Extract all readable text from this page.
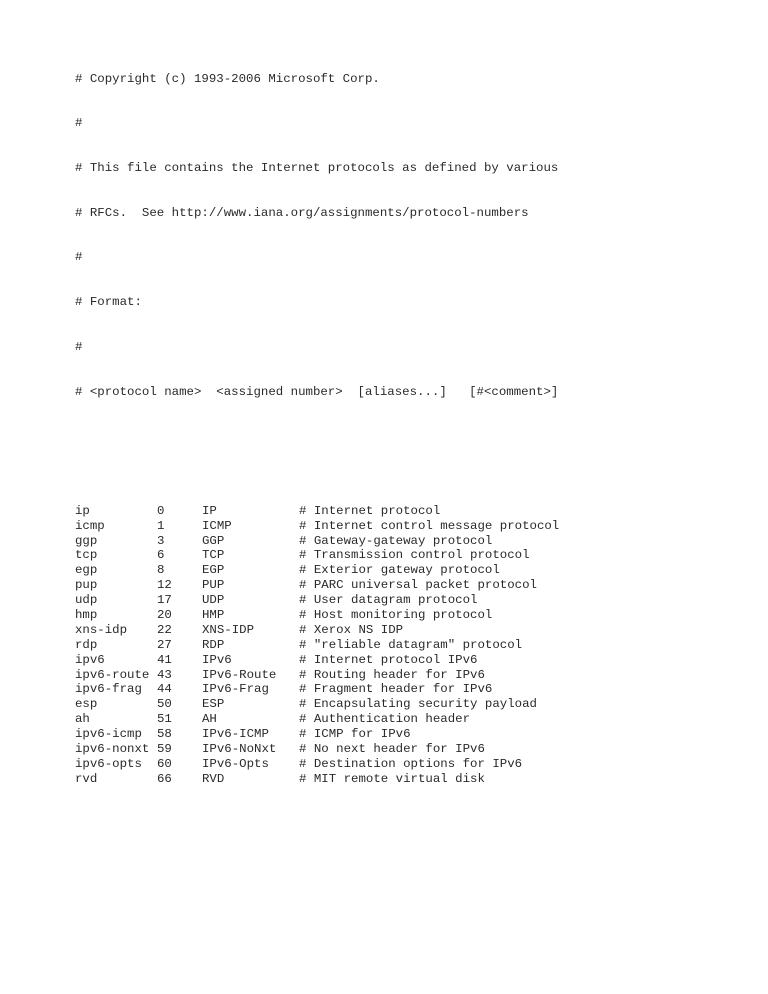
# Copyright (c) 1993-2006 Microsoft Corp.

#

# This file contains the Internet protocols as defined by various

# RFCs.  See http://www.iana.org/assignments/protocol-numbers

#

# Format:

#

# <protocol name>  <assigned number>  [aliases...]   [#<comment>]

ip	0	IP	# Internet protocol
icmp	1	ICMP	# Internet control message protocol
ggp	3	GGP	# Gateway-gateway protocol
tcp	6	TCP	# Transmission control protocol
egp	8	EGP	# Exterior gateway protocol
pup	12 PUP	# PARC universal packet protocol
udp	17 UDP	# User datagram protocol
hmp	20 HMP	# Host monitoring protocol
xns-idp 22 XNS-IDP	# Xerox NS IDP
rdp	27 RDP	# "reliable datagram" protocol
ipv6	41 IPv6	# Internet protocol IPv6
ipv6-route 43 IPv6-Route # Routing header for IPv6
ipv6-frag 44 IPv6-Frag # Fragment header for IPv6
esp	50 ESP	# Encapsulating security payload
ah	51 AH	# Authentication header
ipv6-icmp 58 IPv6-ICMP # ICMP for IPv6
ipv6-nonxt 59 IPv6-NoNxt # No next header for IPv6
ipv6-opts 60 IPv6-Opts # Destination options for IPv6
rvd	66 RVD	# MIT remote virtual disk
